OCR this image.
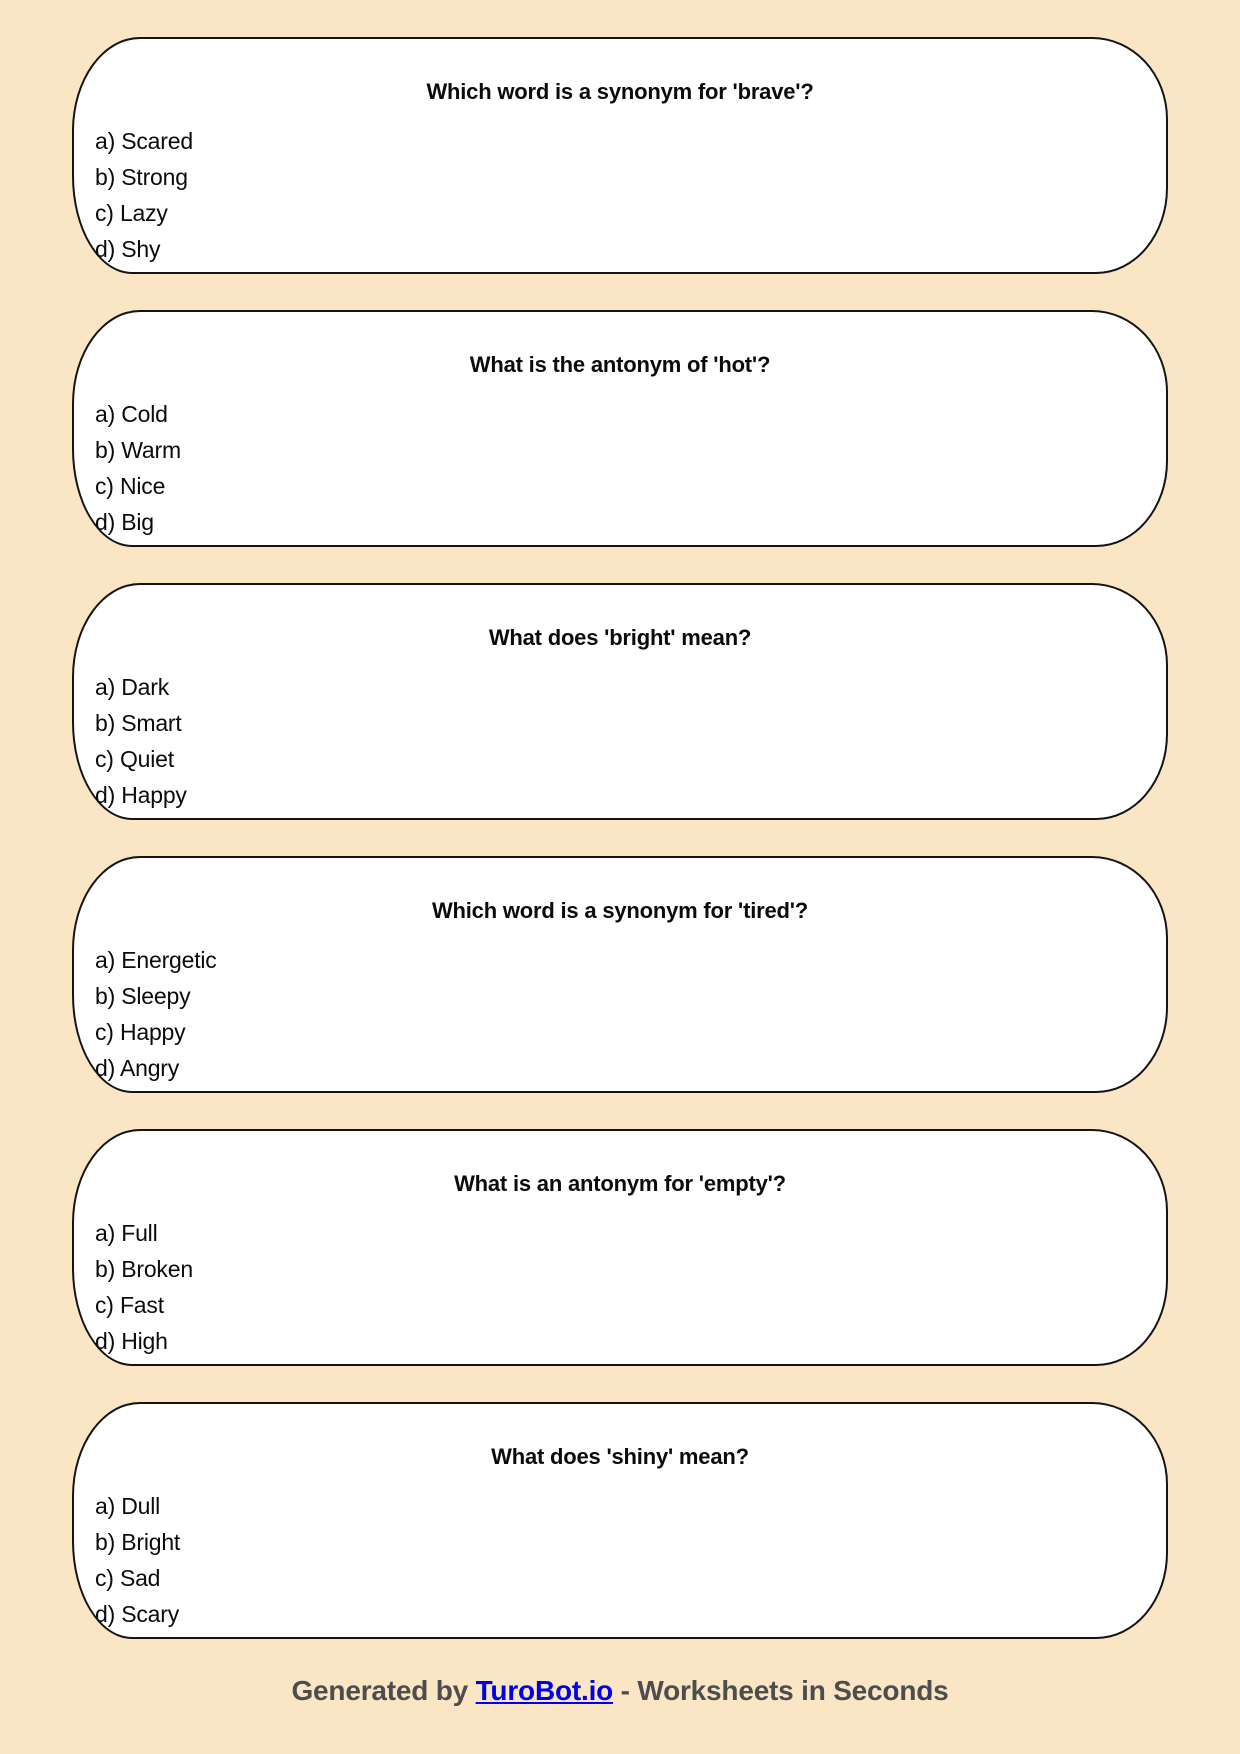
Which word is a synonym for 'brave'?
a) Scared
b) Strong
c) Lazy
d) Shy
What is the antonym of 'hot'?
a) Cold
b) Warm
c) Nice
d) Big
What does 'bright' mean?
a) Dark
b) Smart
c) Quiet
d) Happy
Which word is a synonym for 'tired'?
a) Energetic
b) Sleepy
c) Happy
d) Angry
What is an antonym for 'empty'?
a) Full
b) Broken
c) Fast
d) High
What does 'shiny' mean?
a) Dull
b) Bright
c) Sad
d) Scary
Generated by TuroBot.io - Worksheets in Seconds
